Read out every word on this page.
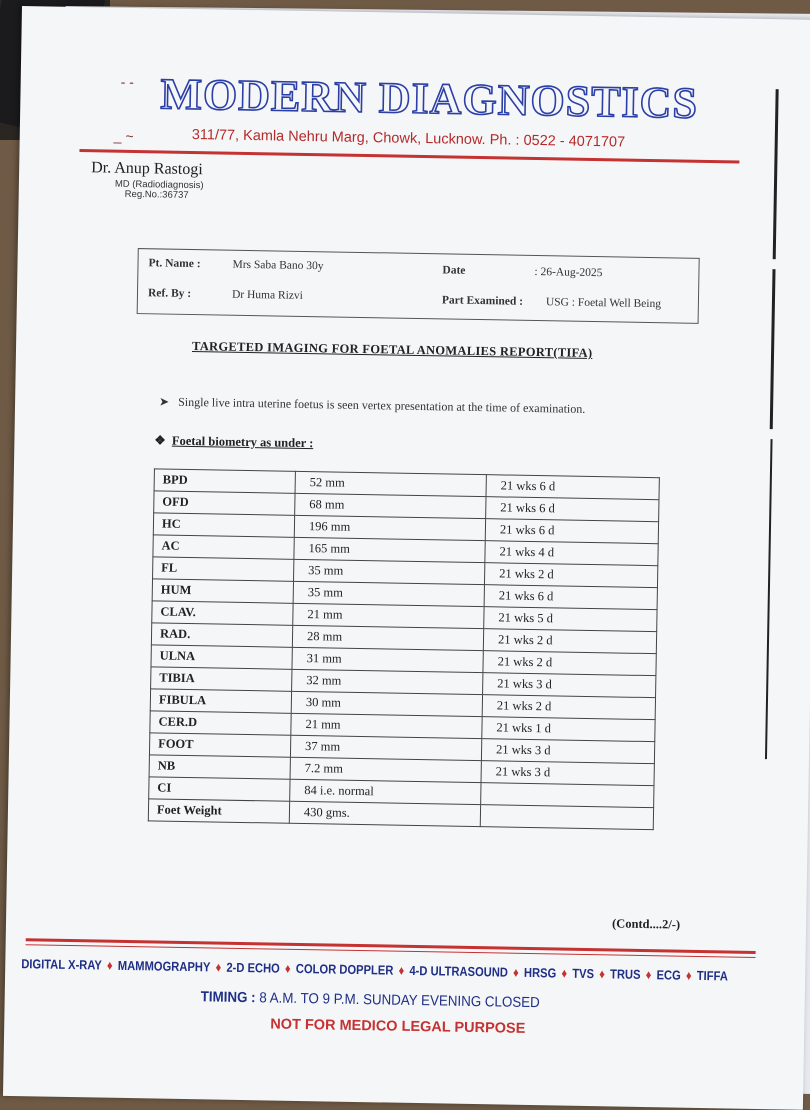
- - MODERN DIAGNOSTICS
_ ~	311/77, Kamla Nehru Marg, Chowk, Lucknow. Ph. : 0522 - 4071707
Dr. Anup Rastogi
MD (Radiodiagnosis)
Reg.No.:36737
Pt. Name :	Mrs Saba Bano 30y	Date	: 26-Aug-2025
Ref. By :	Dr Huma Rizvi	Part Examined : USG : Foetal Well Being
TARGETED IMAGING FOR FOETAL ANOMALIES REPORT(TIFA)
➤ Single live intra uterine foetus is seen vertex presentation at the time of examination.
❖ Foetal biometry as under :
BPD	52 mm	21 wks 6 d
OFD	68 mm	21 wks 6 d
HC	196 mm	21 wks 6 d
AC	165 mm	21 wks 4 d
FL	35 mm	21 wks 2 d
HUM	35 mm	21 wks 6 d
CLAV.	21 mm	21 wks 5 d
RAD.	28 mm	21 wks 2 d
ULNA	31 mm	21 wks 2 d
TIBIA	32 mm	21 wks 3 d
FIBULA	30 mm	21 wks 2 d
CER.D	21 mm	21 wks 1 d
FOOT	37 mm	21 wks 3 d
NB	7.2 mm	21 wks 3 d
CI	84 i.e. normal	
Foet Weight	430 gms.	
(Contd....2/-)
DIGITAL X-RAY ♦ MAMMOGRAPHY ♦ 2-D ECHO ♦ COLOR DOPPLER ♦ 4-D ULTRASOUND ♦ HRSG ♦ TVS ♦ TRUS ♦ ECG ♦ TIFFA
TIMING : 8 A.M. TO 9 P.M. SUNDAY EVENING CLOSED
NOT FOR MEDICO LEGAL PURPOSE
